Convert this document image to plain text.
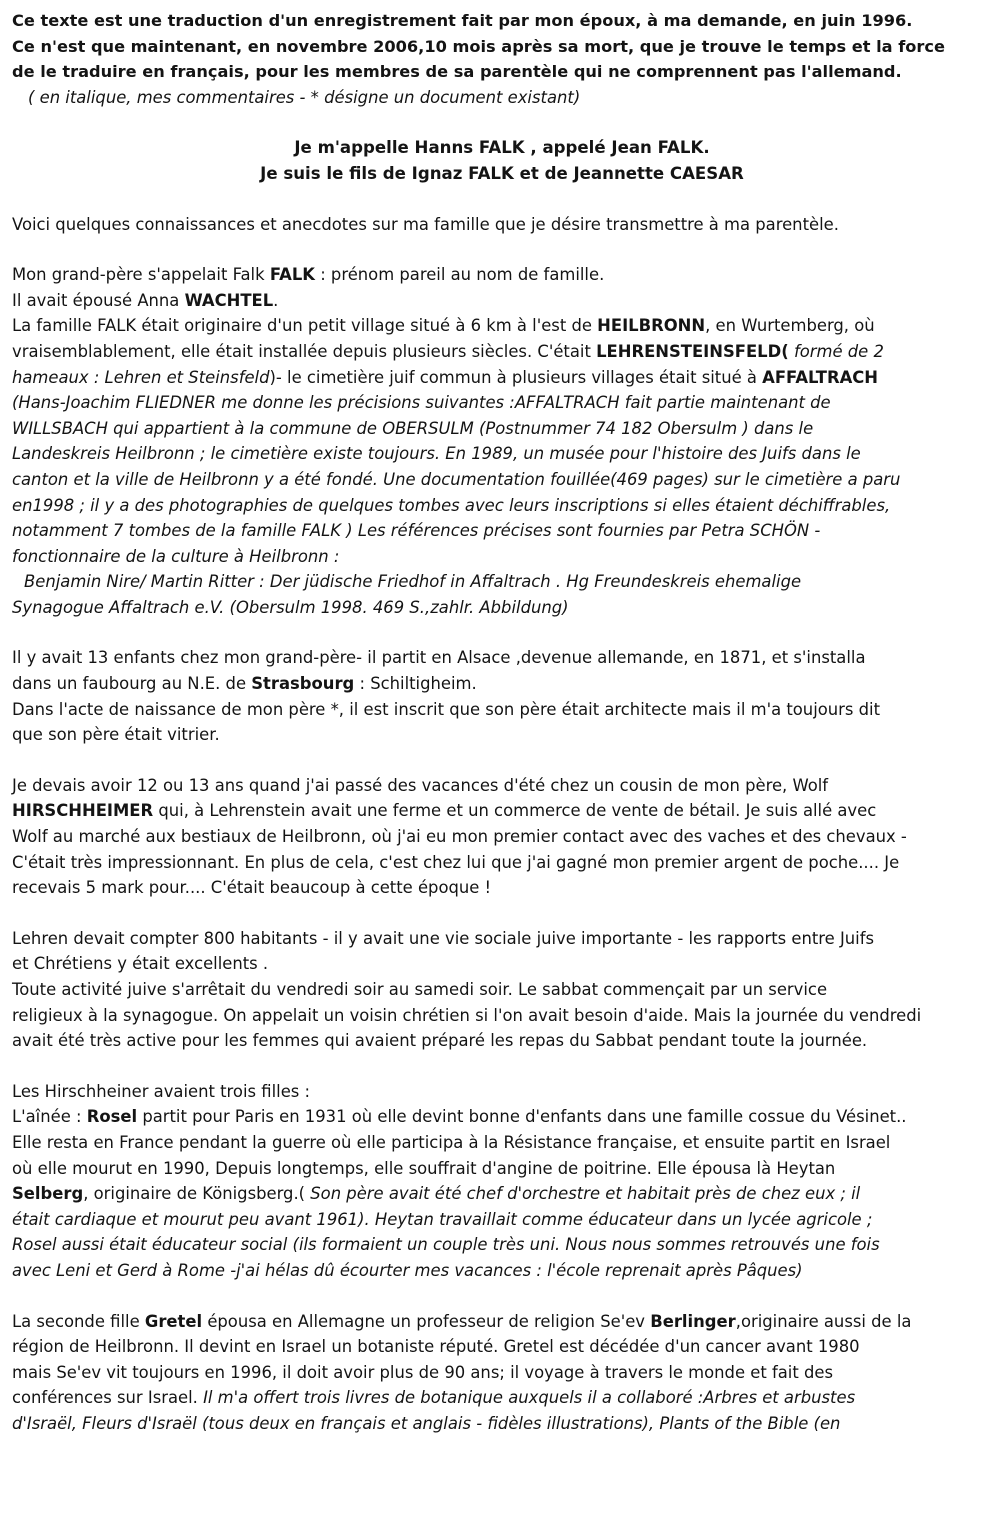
Ce texte est une traduction d'un enregistrement fait par mon époux, à ma demande, en juin 1996.

Ce n'est que maintenant, en novembre 2006,10 mois après sa mort, que je trouve le temps et la force

de le traduire en français, pour les membres de sa parentèle qui ne comprennent pas l'allemand.

( en italique, mes commentaires - * désigne un document existant)

Je m'appelle Hanns FALK , appelé Jean FALK.

Je suis le fils de Ignaz FALK et de Jeannette CAESAR

Voici quelques connaissances et anecdotes sur ma famille que je désire transmettre à ma parentèle.

Mon grand-père s'appelait Falk FALK : prénom pareil au nom de famille.

Il avait épousé Anna WACHTEL.

La famille FALK était originaire d'un petit village situé à 6 km à l'est de HEILBRONN, en Wurtemberg, où

vraisemblablement, elle était installée depuis plusieurs siècles. C'était LEHRENSTEINSFELD( formé de 2

hameaux : Lehren et Steinsfeld)- le cimetière juif commun à plusieurs villages était situé à AFFALTRACH

(Hans-Joachim FLIEDNER me donne les précisions suivantes :AFFALTRACH fait partie maintenant de

WILLSBACH qui appartient à la commune de OBERSULM (Postnummer 74 182 Obersulm ) dans le

Landeskreis Heilbronn ; le cimetière existe toujours. En 1989, un musée pour l'histoire des Juifs dans le

canton et la ville de Heilbronn y a été fondé. Une documentation fouillée(469 pages) sur le cimetière a paru

en1998 ; il y a des photographies de quelques tombes avec leurs inscriptions si elles étaient déchiffrables,

notamment 7 tombes de la famille FALK ) Les références précises sont fournies par Petra SCHÖN -

fonctionnaire de la culture à Heilbronn :

Benjamin Nire/ Martin Ritter : Der jüdische Friedhof in Affaltrach . Hg Freundeskreis ehemalige

Synagogue Affaltrach e.V. (Obersulm 1998. 469 S.,zahlr. Abbildung)

Il y avait 13 enfants chez mon grand-père- il partit en Alsace ,devenue allemande, en 1871, et s'installa

dans un faubourg au N.E. de Strasbourg : Schiltigheim.

Dans l'acte de naissance de mon père *, il est inscrit que son père était architecte mais il m'a toujours dit

que son père était vitrier.

Je devais avoir 12 ou 13 ans quand j'ai passé des vacances d'été chez un cousin de mon père, Wolf

HIRSCHHEIMER qui, à Lehrenstein avait une ferme et un commerce de vente de bétail. Je suis allé avec

Wolf au marché aux bestiaux de Heilbronn, où j'ai eu mon premier contact avec des vaches et des chevaux -

C'était très impressionnant. En plus de cela, c'est chez lui que j'ai gagné mon premier argent de poche.... Je

recevais 5 mark pour.... C'était beaucoup à cette époque !

Lehren devait compter 800 habitants - il y avait une vie sociale juive importante - les rapports entre Juifs

et Chrétiens y était excellents .

Toute activité juive s'arrêtait du vendredi soir au samedi soir. Le sabbat commençait par un service

religieux à la synagogue. On appelait un voisin chrétien si l'on avait besoin d'aide. Mais la journée du vendredi

avait été très active pour les femmes qui avaient préparé les repas du Sabbat pendant toute la journée.

Les Hirschheiner avaient trois filles :

L'aînée : Rosel partit pour Paris en 1931 où elle devint bonne d'enfants dans une famille cossue du Vésinet..

Elle resta en France pendant la guerre où elle participa à la Résistance française, et ensuite partit en Israel

où elle mourut en 1990, Depuis longtemps, elle souffrait d'angine de poitrine. Elle épousa là Heytan

Selberg, originaire de Königsberg.( Son père avait été chef d'orchestre et habitait près de chez eux ; il

était cardiaque et mourut peu avant 1961). Heytan travaillait comme éducateur dans un lycée agricole ;

Rosel aussi était éducateur social (ils formaient un couple très uni. Nous nous sommes retrouvés une fois

avec Leni et Gerd à Rome -j'ai hélas dû écourter mes vacances : l'école reprenait après Pâques)

La seconde fille Gretel épousa en Allemagne un professeur de religion Se'ev Berlinger,originaire aussi de la

région de Heilbronn. Il devint en Israel un botaniste réputé. Gretel est décédée d'un cancer avant 1980

mais Se'ev vit toujours en 1996, il doit avoir plus de 90 ans; il voyage à travers le monde et fait des

conférences sur Israel. Il m'a offert trois livres de botanique auxquels il a collaboré :Arbres et arbustes

d'Israël, Fleurs d'Israël (tous deux en français et anglais - fidèles illustrations), Plants of the Bible (en
